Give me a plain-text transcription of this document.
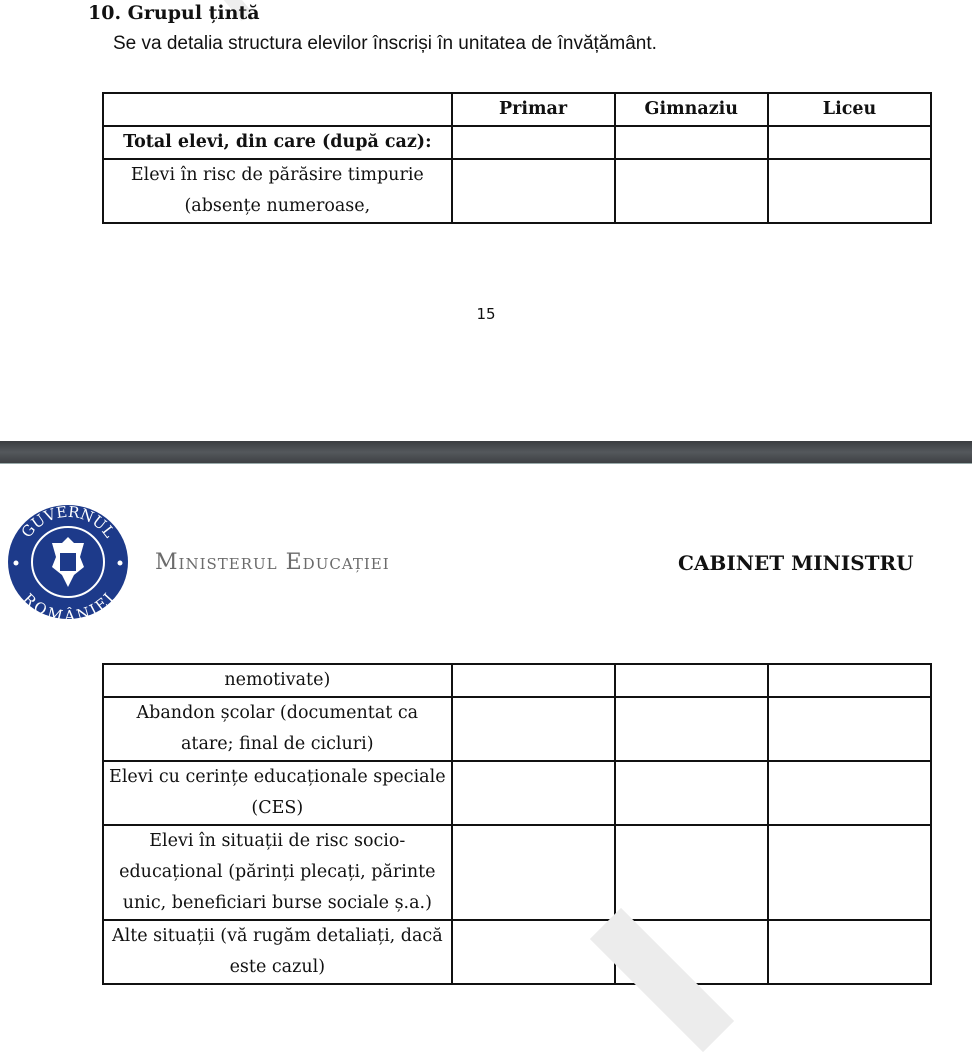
10. Grupul țintă
Se va detalia structura elevilor înscriși în unitatea de învățământ.
	Primar	Gimnaziu	Liceu
Total elevi, din care (după caz):			

Elevi în risc de părăsire timpurie (absențe numeroase,			

15
GUVERNUL
ROMÂNIEI
Ministerul Educației	CABINET MINISTRU
nemotivate)			
Abandon școlar (documentat ca atare; final de cicluri)			
Elevi cu cerințe educaționale speciale (CES)			
Elevi în situații de risc socio-educațional (părinți plecați, părinte unic, beneficiari burse sociale ș.a.)			
Alte situații (vă rugăm detaliați, dacă este cazul)			
